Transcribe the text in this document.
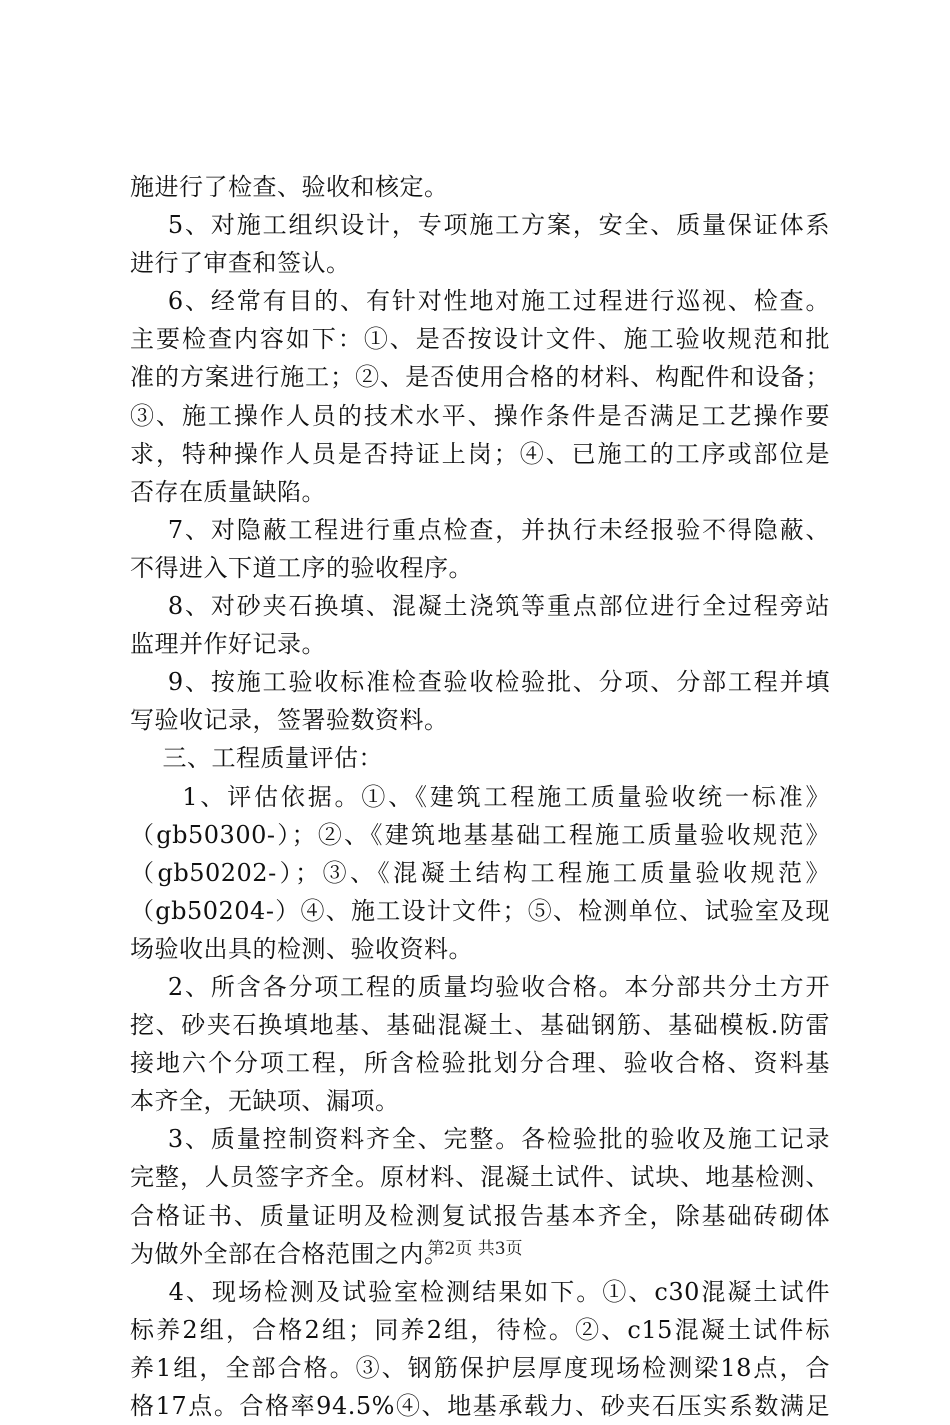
施进行了检查、验收和核定。
5、对施工组织设计，专项施工方案，安全、质量保证体系
进行了审查和签认。
6、经常有目的、有针对性地对施工过程进行巡视、检查。
主要检查内容如下：①、是否按设计文件、施工验收规范和批
准的方案进行施工；②、是否使用合格的材料、构配件和设备；
③、施工操作人员的技术水平、操作条件是否满足工艺操作要
求，特种操作人员是否持证上岗；④、已施工的工序或部位是
否存在质量缺陷。
7、对隐蔽工程进行重点检查，并执行未经报验不得隐蔽、
不得进入下道工序的验收程序。
8、对砂夹石换填、混凝土浇筑等重点部位进行全过程旁站
监理并作好记录。
9、按施工验收标准检查验收检验批、分项、分部工程并填
写验收记录，签署验数资料。
三、工程质量评估：
1、评估依据。①、《建筑工程施工质量验收统一标准》
（gb50300-）；②、《建筑地基基础工程施工质量验收规范》
（gb50202-）；③、《混凝土结构工程施工质量验收规范》
（gb50204-）④、施工设计文件；⑤、检测单位、试验室及现
场验收出具的检测、验收资料。
2、所含各分项工程的质量均验收合格。本分部共分土方开
挖、砂夹石换填地基、基础混凝土、基础钢筋、基础模板.防雷
接地六个分项工程，所含检验批划分合理、验收合格、资料基
本齐全，无缺项、漏项。
3、质量控制资料齐全、完整。各检验批的验收及施工记录
完整，人员签字齐全。原材料、混凝土试件、试块、地基检测、
合格证书、质量证明及检测复试报告基本齐全，除基础砖砌体
为做外全部在合格范围之内。
4、现场检测及试验室检测结果如下。①、c30混凝土试件
标养2组，合格2组；同养2组，待检。②、c15混凝土试件标
养1组，全部合格。③、钢筋保护层厚度现场检测梁18点，合
格17点。合格率94.5%④、地基承载力、砂夹石压实系数满足
第2页 共3页
